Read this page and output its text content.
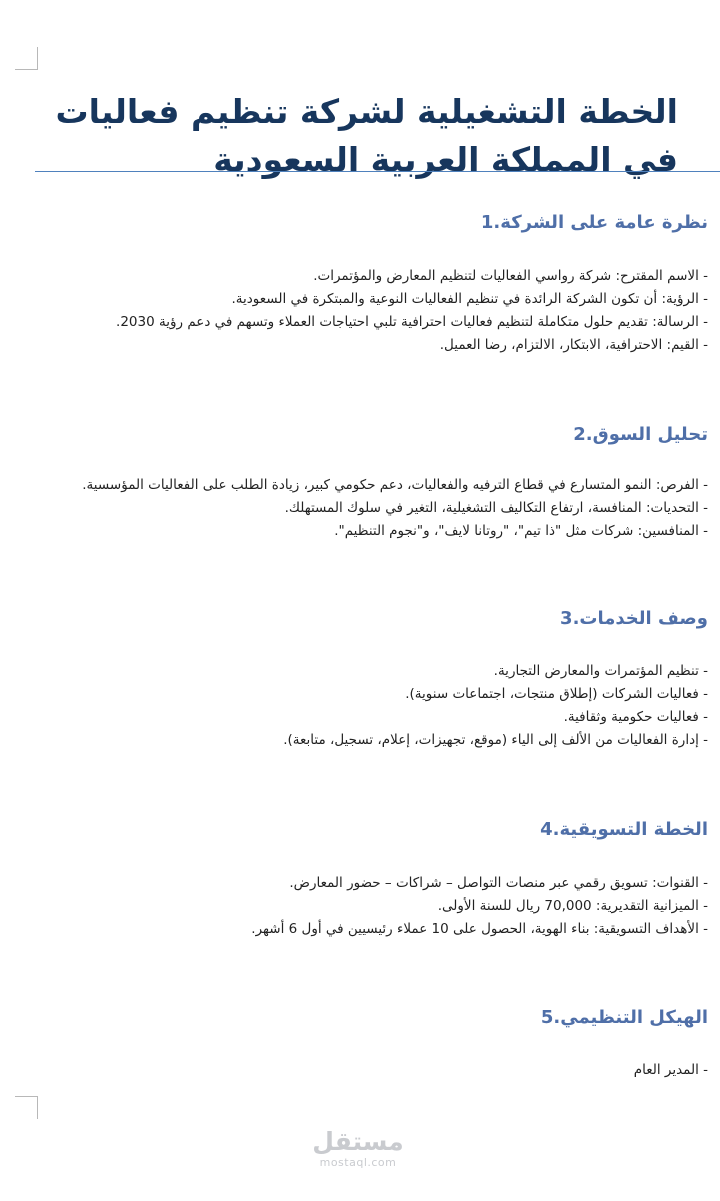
الخطة التشغيلية لشركة تنظيم فعاليات في المملكة العربية السعودية
1. نظرة عامة على الشركة
- الاسم المقترح: شركة رواسي الفعاليات لتنظيم المعارض والمؤتمرات.
- الرؤية: أن تكون الشركة الرائدة في تنظيم الفعاليات النوعية والمبتكرة في السعودية.
- الرسالة: تقديم حلول متكاملة لتنظيم فعاليات احترافية تلبي احتياجات العملاء وتسهم في دعم رؤية 2030.
- القيم: الاحترافية، الابتكار، الالتزام، رضا العميل.
2. تحليل السوق
- الفرص: النمو المتسارع في قطاع الترفيه والفعاليات، دعم حكومي كبير، زيادة الطلب على الفعاليات المؤسسية.
- التحديات: المنافسة، ارتفاع التكاليف التشغيلية، التغير في سلوك المستهلك.
- المنافسين: شركات مثل "ذا تيم"، "روتانا لايف"، و"نجوم التنظيم".
3. وصف الخدمات
- تنظيم المؤتمرات والمعارض التجارية.
- فعاليات الشركات (إطلاق منتجات، اجتماعات سنوية).
- فعاليات حكومية وثقافية.
- إدارة الفعاليات من الألف إلى الياء (موقع، تجهيزات، إعلام، تسجيل، متابعة).
4. الخطة التسويقية
- القنوات: تسويق رقمي عبر منصات التواصل – شراكات – حضور المعارض.
- الميزانية التقديرية: 70,000 ريال للسنة الأولى.
- الأهداف التسويقية: بناء الهوية، الحصول على 10 عملاء رئيسيين في أول 6 أشهر.
5. الهيكل التنظيمي
- المدير العام
مستقل
mostaql.com
